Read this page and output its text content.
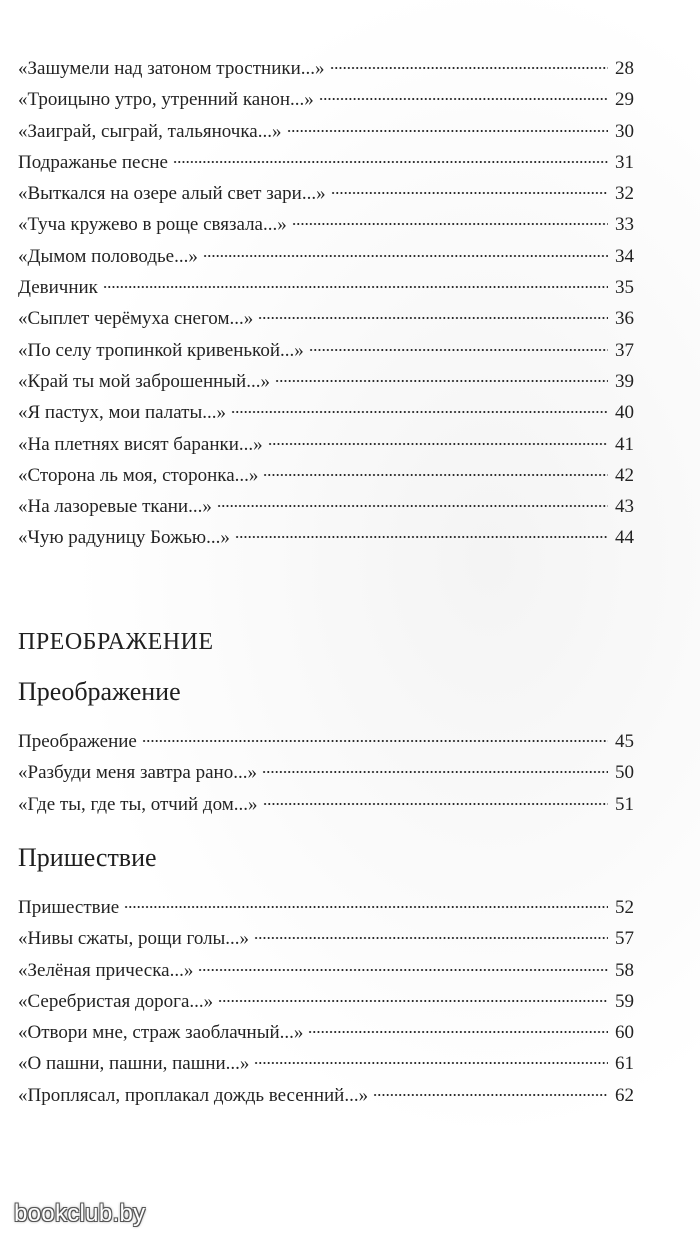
«Зашумели над затоном тростники...»	28
«Троицыно утро, утренний канон...»	29
«Заиграй, сыграй, тальяночка...»	30
Подражанье песне	31
«Выткался на озере алый свет зари...»	32
«Туча кружево в роще связала...»	33
«Дымом половодье...»	34
Девичник	35
«Сыплет черёмуха снегом...»	36
«По селу тропинкой кривенькой...»	37
«Край ты мой заброшенный...»	39
«Я пастух, мои палаты...»	40
«На плетнях висят баранки...»	41
«Сторона ль моя, сторонка...»	42
«На лазоревые ткани...»	43
«Чую радуницу Божью...»	44
ПРЕОБРАЖЕНИЕ
Преображение
Преображение	45
«Разбуди меня завтра рано...»	50
«Где ты, где ты, отчий дом...»	51
Пришествие
Пришествие	52
«Нивы сжаты, рощи голы...»	57
«Зелёная прическа...»	58
«Серебристая дорога...»	59
«Отвори мне, страж заоблачный...»	60
«О пашни, пашни, пашни...»	61
«Проплясал, проплакал дождь весенний...»	62
bookclub.by
